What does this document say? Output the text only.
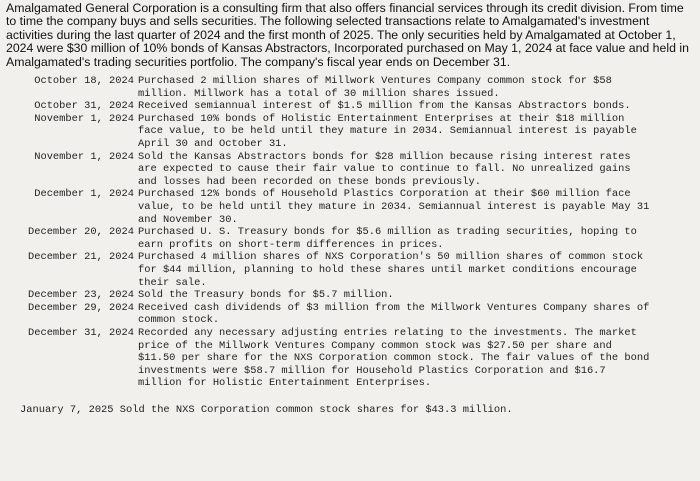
Amalgamated General Corporation is a consulting firm that also offers financial services through its credit division. From time to time the company buys and sells securities. The following selected transactions relate to Amalgamated's investment activities during the last quarter of 2024 and the first month of 2025. The only securities held by Amalgamated at October 1, 2024 were $30 million of 10% bonds of Kansas Abstractors, Incorporated purchased on May 1, 2024 at face value and held in Amalgamated's trading securities portfolio. The company's fiscal year ends on December 31.

October 18, 2024 Purchased 2 million shares of Millwork Ventures Company common stock for $58 million. Millwork has a total of 30 million shares issued.
October 31, 2024 Received semiannual interest of $1.5 million from the Kansas Abstractors bonds.
November 1, 2024 Purchased 10% bonds of Holistic Entertainment Enterprises at their $18 million face value, to be held until they mature in 2034. Semiannual interest is payable April 30 and October 31.
November 1, 2024 Sold the Kansas Abstractors bonds for $28 million because rising interest rates are expected to cause their fair value to continue to fall. No unrealized gains and losses had been recorded on these bonds previously.
December 1, 2024 Purchased 12% bonds of Household Plastics Corporation at their $60 million face value, to be held until they mature in 2034. Semiannual interest is payable May 31 and November 30.
December 20, 2024 Purchased U. S. Treasury bonds for $5.6 million as trading securities, hoping to earn profits on short-term differences in prices.
December 21, 2024 Purchased 4 million shares of NXS Corporation's 50 million shares of common stock for $44 million, planning to hold these shares until market conditions encourage their sale.
December 23, 2024 Sold the Treasury bonds for $5.7 million.
December 29, 2024 Received cash dividends of $3 million from the Millwork Ventures Company shares of common stock.
December 31, 2024 Recorded any necessary adjusting entries relating to the investments. The market price of the Millwork Ventures Company common stock was $27.50 per share and $11.50 per share for the NXS Corporation common stock. The fair values of the bond investments were $58.7 million for Household Plastics Corporation and $16.7 million for Holistic Entertainment Enterprises.
January 7, 2025 Sold the NXS Corporation common stock shares for $43.3 million.
